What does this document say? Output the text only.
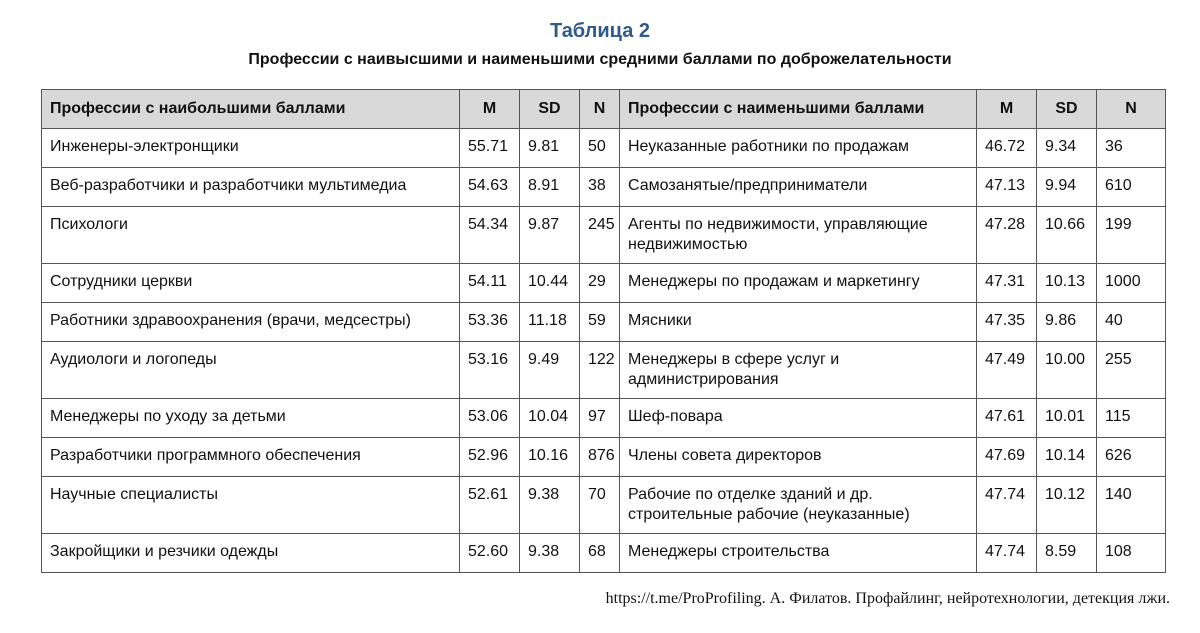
Таблица 2
Профессии с наивысшими и наименьшими средними баллами по доброжелательности
Профессии с наибольшими баллами	M	SD	N	Профессии с наименьшими баллами	M	SD	N
Инженеры-электронщики	55.71	9.81	50	Неуказанные работники по продажам	46.72	9.34	36
Веб-разработчики и разработчики мультимедиа	54.63	8.91	38	Самозанятые/предприниматели	47.13	9.94	610
Психологи	54.34	9.87	245	Агенты по недвижимости, управляющие недвижимостью	47.28	10.66	199
Сотрудники церкви	54.11	10.44	29	Менеджеры по продажам и маркетингу	47.31	10.13	1000
Работники здравоохранения (врачи, медсестры)	53.36	11.18	59	Мясники	47.35	9.86	40
Аудиологи и логопеды	53.16	9.49	122	Менеджеры в сфере услуг и администрирования	47.49	10.00	255
Менеджеры по уходу за детьми	53.06	10.04	97	Шеф-повара	47.61	10.01	115
Разработчики программного обеспечения	52.96	10.16	876	Члены совета директоров	47.69	10.14	626
Научные специалисты	52.61	9.38	70	Рабочие по отделке зданий и др. строительные рабочие (неуказанные)	47.74	10.12	140
Закройщики и резчики одежды	52.60	9.38	68	Менеджеры строительства	47.74	8.59	108
https://t.me/ProProfiling. А. Филатов. Профайлинг, нейротехнологии, детекция лжи.
